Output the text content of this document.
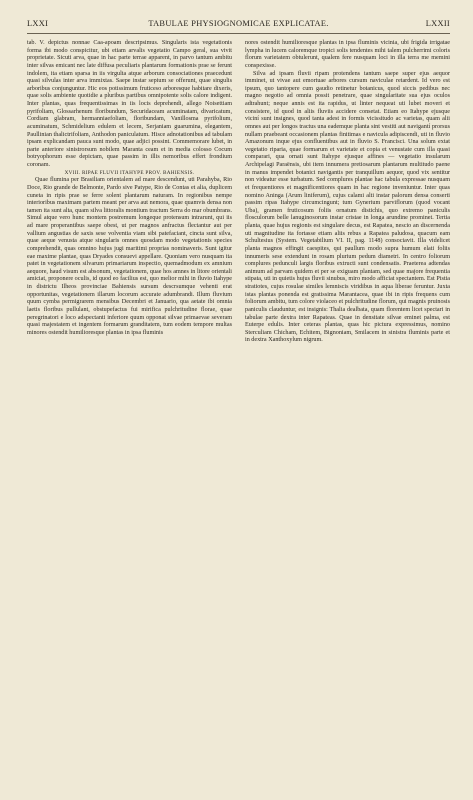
LXXI	TABULAE PHYSIOGNOMICAE EXPLICATAE.	LXXII

tab. V. depictus nonnae Caa-apoam descripsimus. Singularis ista vegetationis forma ibi modo conspicitur, ubi etiam arvalis vegetatio Campo geral, sua vivit proprietate. Sicuti arva, quae in hac parte terrae apparent, in parvo tantum ambitu inter silvas emicant nec late diffusa peculiaris plantarum formationis prae se ferunt indolem, ita etiam sparsa in iis virgulta atque arborum consociationes praecedunt quasi silvulas inter arva immixtas. Saepe instar sepium se offerunt, quae singulis arboribus conjunguntur. Hic eos potissimum fruticeso arboresque habitare dixeris, quae solis ambiente quotidie a pluribus partibus omnipotente solis calore indigent. Inter plantas, quas frequentissimas in iis locis deprehendi, allego Noisettiam pyrifoliam, Glossarhenum floribundum, Securidaceam acuminatam, divaricatum, Cordiam glabram, hermanniaefoliam, floribundam, Vanillosma pyrifolium, acuminatum, Schmidelium edulem et lecem, Serjaniam guarumina, elegantem, Paullinian thalictrifoliam, Anthodon paniculatum. Hisce adnotationibus ad tabulam ipsam explicandam pauca sunt modo, quae adjici possint. Commemorare lubet, in parte anteriore sinistrorsum nobilem Maranta ceam et in media colosso Cocum botryophorum esse depictam, quae passim in illis nemoribus effert frondium coronam.

XVIII. RIPAE FLUVII ITAHYPE PROV. BAHIENSIS.

Quae flumina per Brasiliam orientalem ad mare descendunt, uti Parahyba, Rio Doce, Rio grande de Belmonte, Pardo sive Patype, Rio de Contas et alia, duplicem cuneta in ripis prae se ferre solent plantarum naturam. In regionibus nempe interioribus maximam partem meant per arva aut nemora, quae quamvis densa non tamen ita sunt alta, quam silva littoralis montium tractum Serra do mar obumbrans. Simul atque vero hunc montem postremum longeque protensum intrarunt, qui iis ad mare properantibus saepe obest, ut per magnos anfractus flectantur aut per vallium angustias de saxis sese volventia viam sibi patefaciant, cincta sunt silva, quae aeque venusta atque singularis omnes quosdam modo vegetationis species comprehendit, quas omnino hujus jugi maritimi proprias nominaveris. Sunt igitur eae maxime plantae, quas Dryades consuevi appellare. Quoniam vero nusquam ita patet in vegetationem silvarum primariarum inspectio, quemadmodum ex amnium aequore, haud visum est absonum, vegetationem, quae hos amnes in litore orientali amiciat, proponere oculis, id quod eo facilius est, quo melior mihi in fluvio Itahype in districtu Ilheos provinciae Bahiensis sursum descrsumque vehenti erat opportunitas, vegetationem illarum locorum accurate adumbrandi. Illum fluvium quum cymba permigrarem mensibus Decembri et Januario, qua aetate ibi omnia laetis floribus pullulant, obstupefactus fui mirifica pulchritudine florae, quae peregrinatori e loco adspectanti inferiore quum opponat silvae primaevae severam quasi majestatem et ingentem formarum granditatem, tum eodem tempore multas minores ostendit humilioresque plantas in ipsa fluminis

nores ostendit humilioresque plantas in ipsa fluminis vicinia, ubi frigida irrigatae lympha in lucem caloremque tropici solis tendentes mihi talem pulcherrimi coloris florum varietatem obtulerunt, qualem fere nusquam loci in illa terra me memini conspexisse.

Silva ad ipsam fluvii ripam protendens tantum saepe super ejus aequor imminet, ut vivae aut emortuae arbores cursum naviculae retardent. Id vero est ipsum, quo tantopere cum gaudio retinetur botanicus, quod siccis pedibus nec magno negotio ad omnia possit penetrare, quae singularitate sua ejus oculos adtrahunt; neque annis est ita rapidus, ut linter nequeat uti lubet moveri et consistere, id quod in aliis fluviis accidere consetat. Etiam eo Itahype ejusque viciní sunt insignes, quod tanta adest in formis vicissitudo ac varietas, quam alii omnes aut per longos tractus una eademque planta sint vestiti aut navigantí prorsus nullam praebeant occasionem plantas finitimas e navicula adipiscendi, uti in fluvio Amazonum inque ejus confluentibus aut in fluvio S. Francisci. Una solum extat vegetatio riparia, quae formarum et varietate et copia et venustate cum illa quasi comparari, qua ornati sunt Itahype ejusque affines — vegetatio insularum Archipelagi Paraënsis, ubi item innumera pretiosarum plantarum multitudo paene in manus impendet botanici navigantis per tranquillum aequor, quod vix sentitur non videatur esse turbatum. Sed complures plantae hac tabula expressae nusquam et frequentiores et magnificentiores quam in hac regione inveniuntur. Inter quas nomino Aninga (Arum liniferum), cujus calami alti instar palorum densa conserti passim ripas Itahype circumcingunt; tum Gynerium parviflorum (quod vocant Uba), gramen fruticosum foliis ornatum distichis, quo extremo paniculis flosculorum belle lanuginosorum instar cristae in longa arundine prominet. Tertia planta, quae hujus regionis est singulare decus, est Rapatea, nescio an discernenda uti magnitudine ita fortasse etiam aliis rebus a Rapatea paludosa, quacum eam Schultesius (System. Vegetabilium VI. II, pag. 1148) consociavit. Illa videlicet planta magnos effingit caespites, qui paullum modo supra humum elati foliis innumeris sese extendunt in rosam plurium pedum diametri. In centro foliorum complures pedunculi largis floribus extructi sunt condensatis. Praeterea adtendas animum ad parvam quidem et per se exiguam plantam, sed quae majore frequentia stipata, uti in quietis hujus fluvii sinubus, miro modo afficiat spectantem. Est Pistia stratiotes, cujus rosulae similes lemniscis viridibus in aqua liberae feruntur. Juxta istas plantas ponenda est gratissima Marantacea, quae ibi in ripis frequens cum foliorum ambitu, tum colore violaceo et pulchritudine florum, qui magnis pruinosis paniculis clauduntur, est insignis: Thalia dealbata, quam florentem licet spectari in tabulae parte dextra inter Rapateas. Quae in densitate silvae eminet palma, est Euterpe edulis. Inter ceteras plantas, quas hic pictura expressimus, nomino Sterculiam Chicham, Echitem, Bignoniam, Smilacem in sinistra fluminis parte et in dextra Xanthoxylum nigrum.
